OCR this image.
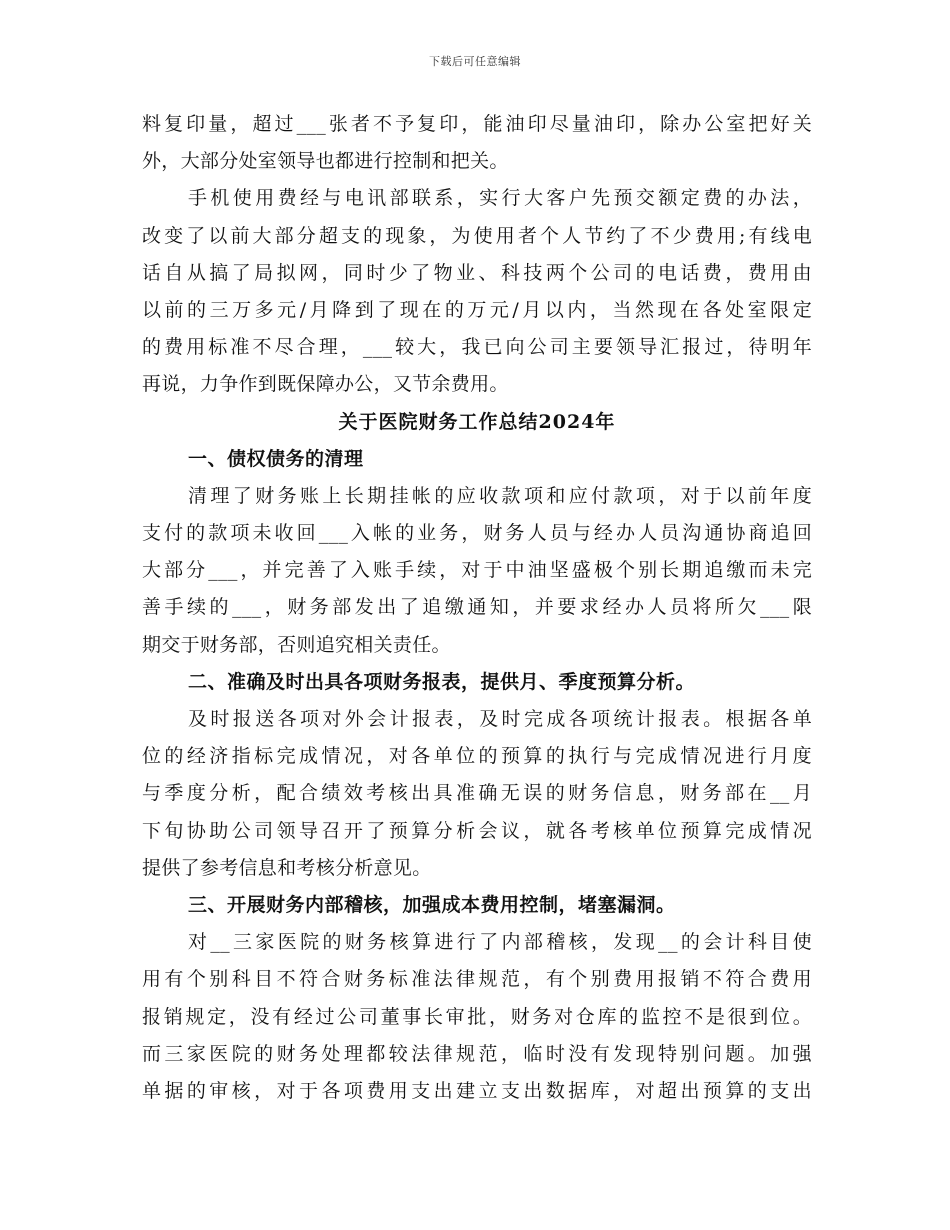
下载后可任意编辑
料复印量，超过___张者不予复印，能油印尽量油印，除办公室把好关
外，大部分处室领导也都进行控制和把关。
手机使用费经与电讯部联系，实行大客户先预交额定费的办法，
改变了以前大部分超支的现象，为使用者个人节约了不少费用;有线电
话自从搞了局拟网，同时少了物业、科技两个公司的电话费，费用由
以前的三万多元/月降到了现在的万元/月以内，当然现在各处室限定
的费用标准不尽合理，___较大，我已向公司主要领导汇报过，待明年
再说，力争作到既保障办公，又节余费用。
关于医院财务工作总结2024年
一、债权债务的清理
清理了财务账上长期挂帐的应收款项和应付款项，对于以前年度
支付的款项未收回___入帐的业务，财务人员与经办人员沟通协商追回
大部分___，并完善了入账手续，对于中油坚盛极个别长期追缴而未完
善手续的___，财务部发出了追缴通知，并要求经办人员将所欠___限
期交于财务部，否则追究相关责任。
二、准确及时出具各项财务报表，提供月、季度预算分析。
及时报送各项对外会计报表，及时完成各项统计报表。根据各单
位的经济指标完成情况，对各单位的预算的执行与完成情况进行月度
与季度分析，配合绩效考核出具准确无误的财务信息，财务部在__月
下旬协助公司领导召开了预算分析会议，就各考核单位预算完成情况
提供了参考信息和考核分析意见。
三、开展财务内部稽核，加强成本费用控制，堵塞漏洞。
对__三家医院的财务核算进行了内部稽核，发现__的会计科目使
用有个别科目不符合财务标准法律规范，有个别费用报销不符合费用
报销规定，没有经过公司董事长审批，财务对仓库的监控不是很到位。
而三家医院的财务处理都较法律规范，临时没有发现特别问题。加强
单据的审核，对于各项费用支出建立支出数据库，对超出预算的支出
